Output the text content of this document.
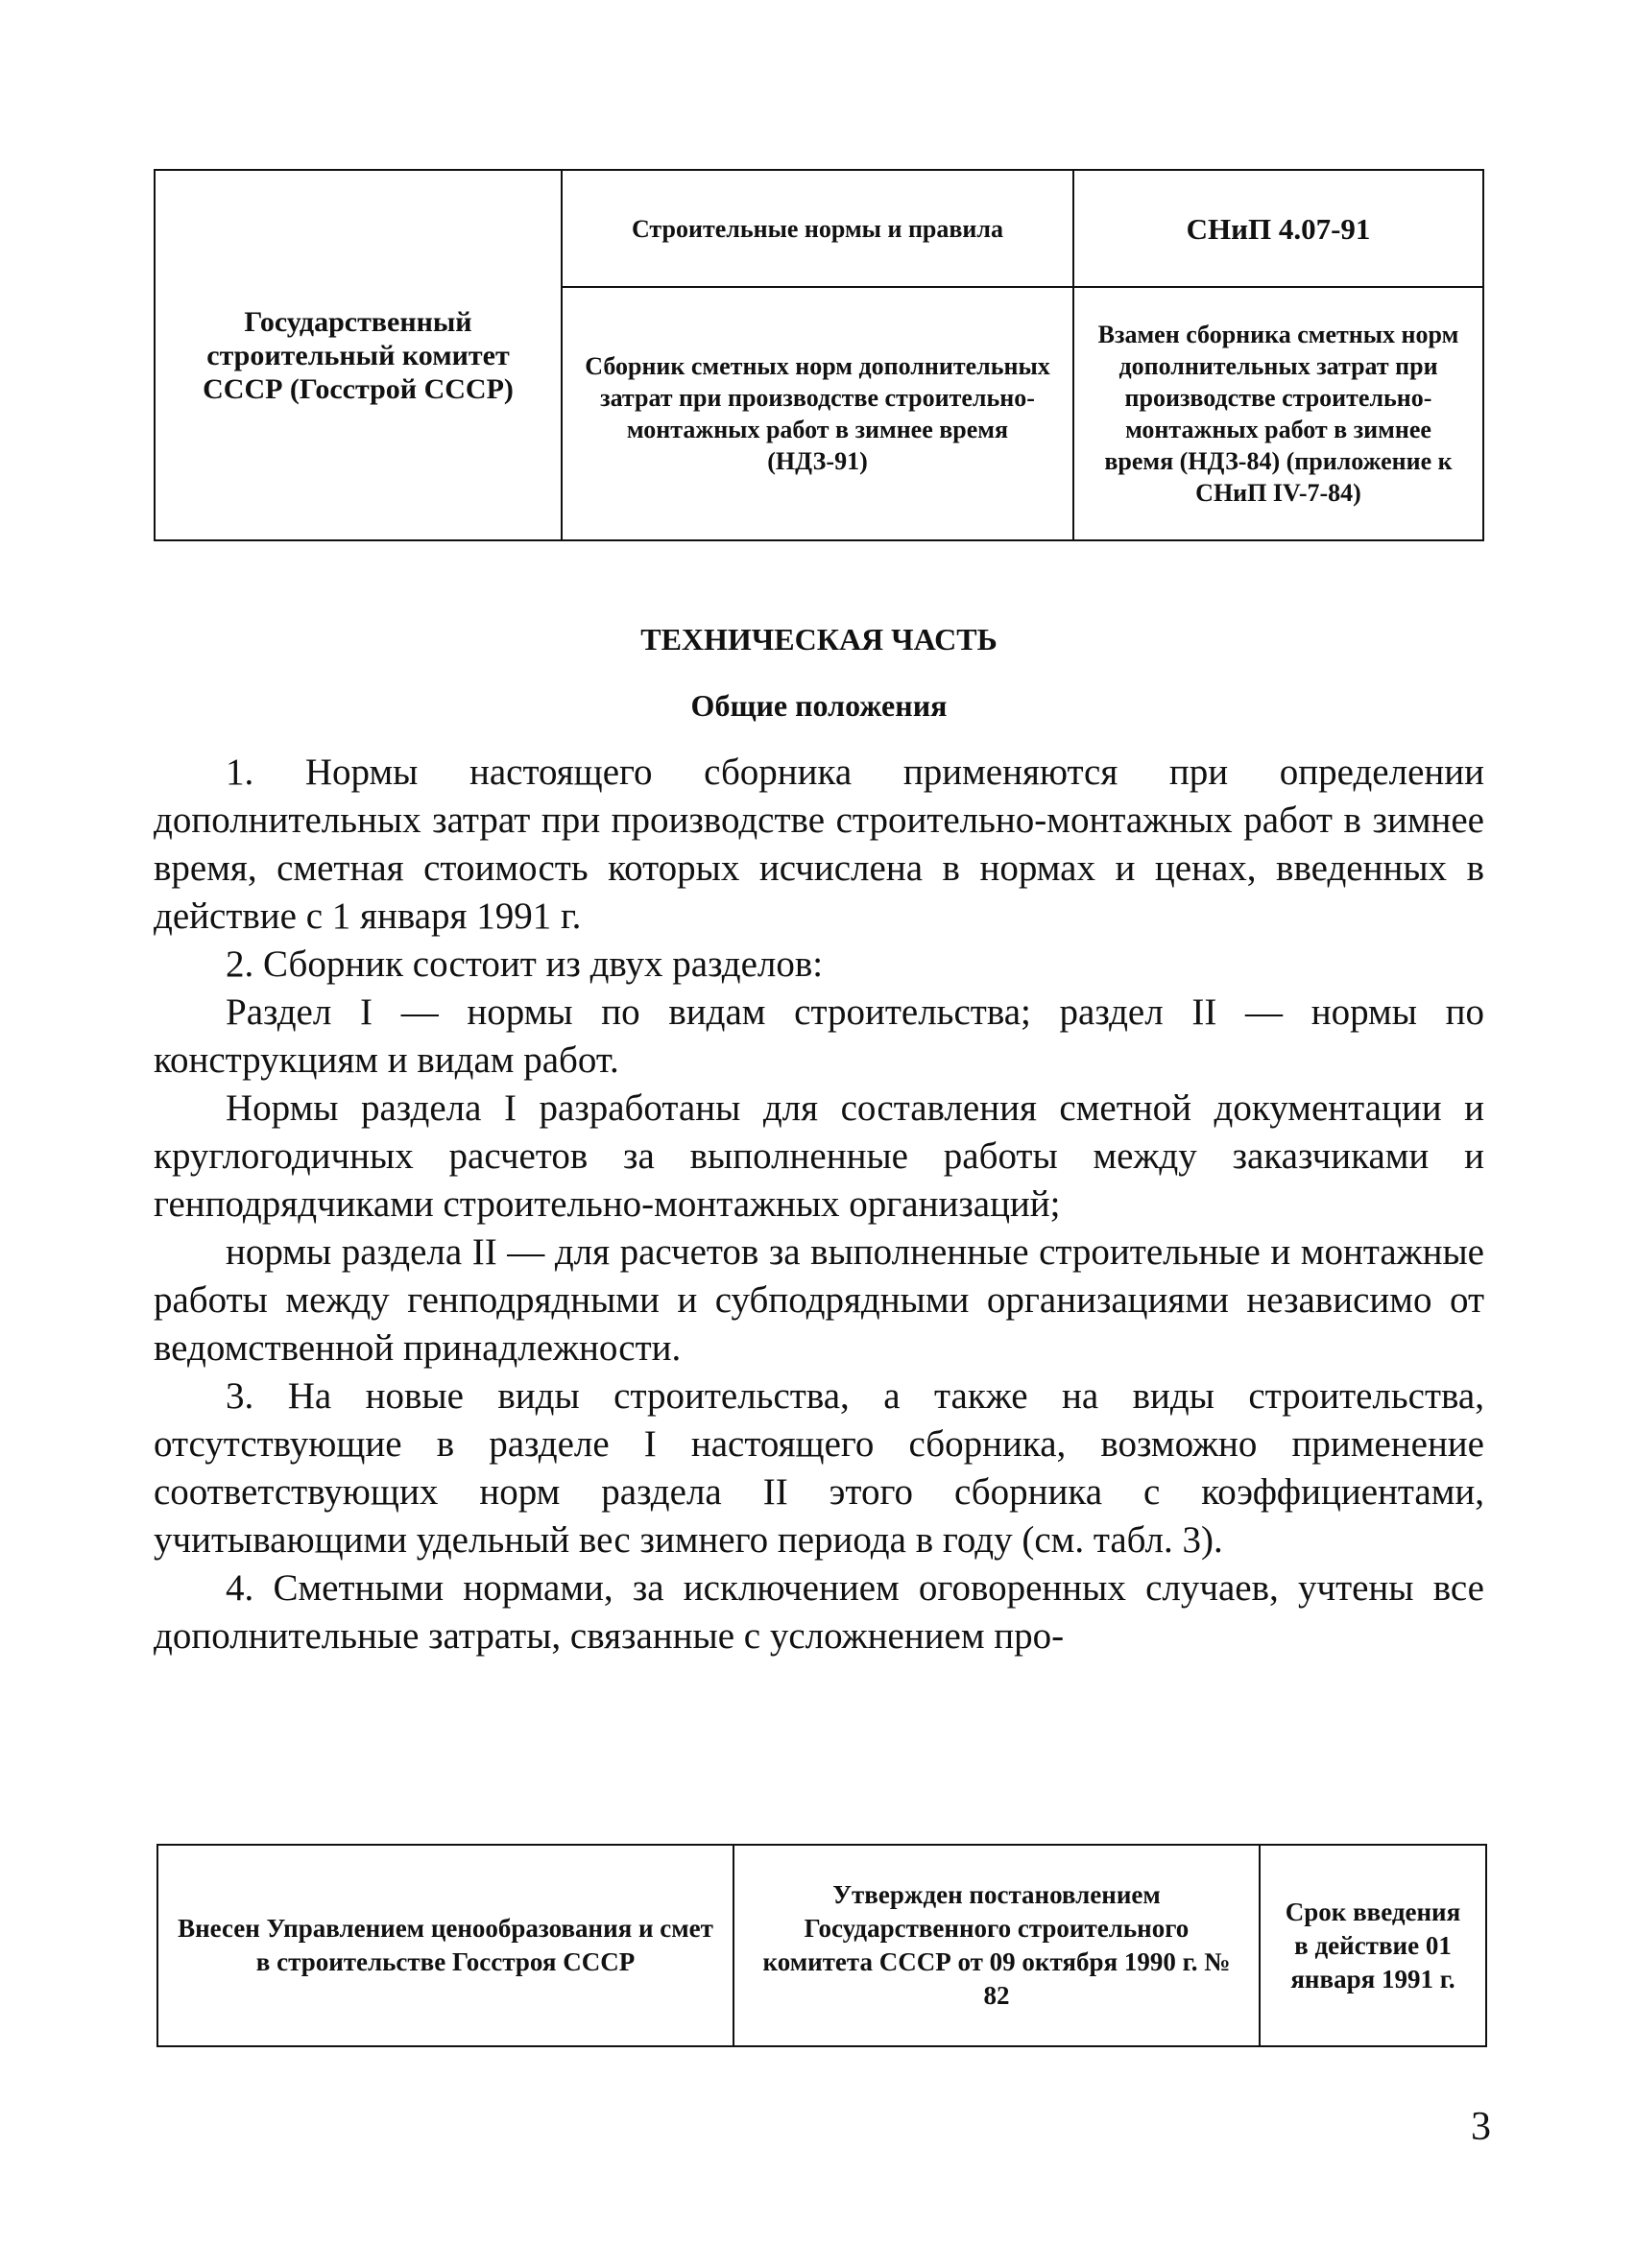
Государственный строительный комитет СССР (Госстрой СССР)	Строительные нормы и правила	СНиП 4.07-91
	Сборник сметных норм дополнительных затрат при производстве строительно-монтажных работ в зимнее время (НДЗ-91)	Взамен сборника сметных норм дополнительных затрат при производстве строительно-монтажных работ в зимнее время (НДЗ-84) (приложение к СНиП IV-7-84)
ТЕХНИЧЕСКАЯ ЧАСТЬ
Общие положения

1. Нормы настоящего сборника применяются при определении дополнительных затрат при производстве строительно-монтажных работ в зимнее время, сметная стоимость которых исчислена в нормах и ценах, введенных в действие с 1 января 1991 г.

2. Сборник состоит из двух разделов:

Раздел I — нормы по видам строительства; раздел II — нормы по конструкциям и видам работ.

Нормы раздела I разработаны для составления сметной документации и круглогодичных расчетов за выполненные работы между заказчиками и генподрядчиками строительно-монтажных организаций;

нормы раздела II — для расчетов за выполненные строительные и монтажные работы между генподрядными и субподрядными организациями независимо от ведомственной принадлежности.

3. На новые виды строительства, а также на виды строительства, отсутствующие в разделе I настоящего сборника, возможно применение соответствующих норм раздела II этого сборника с коэффициентами, учитывающими удельный вес зимнего периода в году (см. табл. 3).

4. Сметными нормами, за исключением оговоренных случаев, учтены все дополнительные затраты, связанные с усложнением про-

Внесен Управлением ценообразования и смет в строительстве Госстроя СССР	Утвержден постановлением Государственного строительного комитета СССР от 09 октября 1990 г. № 82	Срок введения в действие 01 января 1991 г.
3
